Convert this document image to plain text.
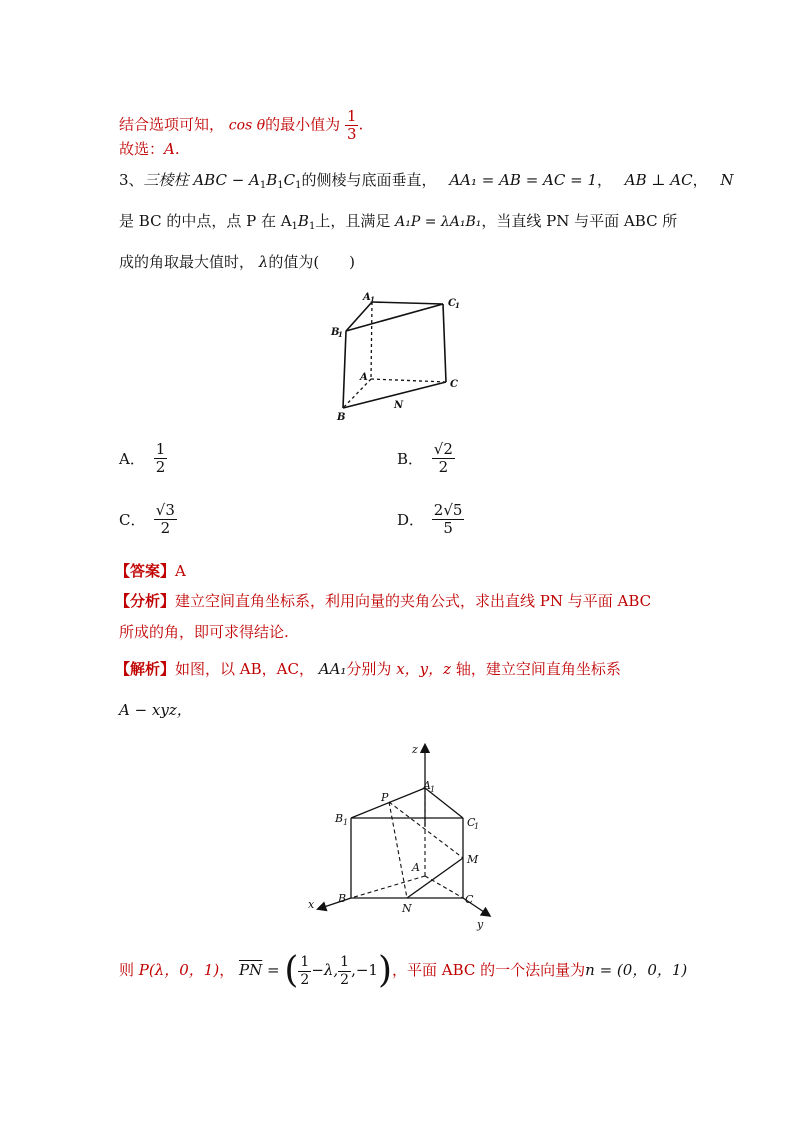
结合选项可知， cos θ的最小值为 $\frac{1}{3}$ .
故选：A.
3、三棱柱 ABC − $A_1B_1C_1$的侧棱与底面垂直， AA₁ = AB = AC = 1， AB ⊥ AC， N
是 BC 的中点，点 P 在 $A_1B_1$上，且满足 A₁P = λA₁B₁，当直线 PN 与平面 ABC 所
成的角取最大值时， λ的值为(　　)
A 1	C 1
B
1
A
C
B
N
A． $\frac{1}{2}$	B． $\frac{√2}{2}$
C． $\frac{√3}{2}$	D． $\frac{2√5}{5}$
【答案】A
【分析】建立空间直角坐标系，利用向量的夹角公式，求出直线 PN 与平面 ABC
所成的角，即可求得结论.
【解析】如图，以 AB，AC， AA₁分别为 x，y，z 轴，建立空间直角坐标系
A − xyz，
z
A 1
P
B 1	C
1
M
A
B
N
C
x
y
则 P(λ，0，1)， $\overline{PN}$ = ( $\frac{1}{2} -\lambda$, $\frac{1}{2} ,-1$)，平面 ABC 的一个法向量为n = (0，0，1)
